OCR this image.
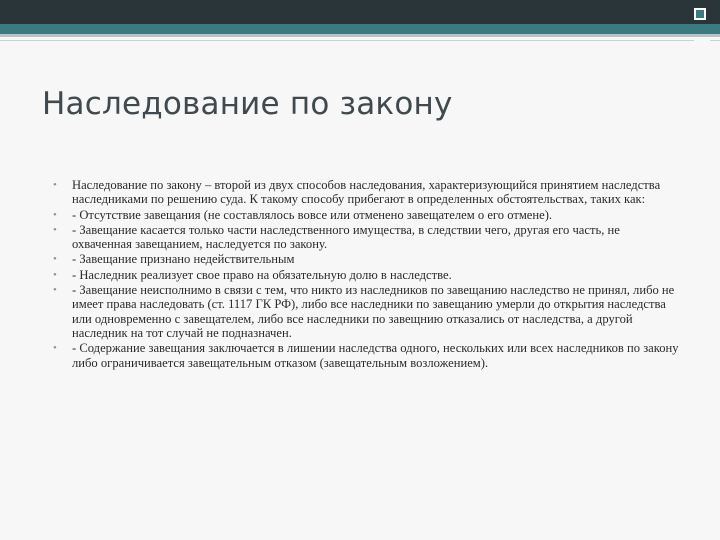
Наследование по закону
• Наследование по закону – второй из двух способов наследования, характеризующийся принятием наследства наследниками по решению суда. К такому способу прибегают в определенных обстоятельствах, таких как:
• - Отсутствие завещания (не составлялось вовсе или отменено завещателем о его отмене).
• - Завещание касается только части наследственного имущества, в следствии чего, другая его часть, не охваченная завещанием, наследуется по закону.
• - Завещание признано недействительным
• - Наследник реализует свое право на обязательную долю в наследстве.
• - Завещание неисполнимо в связи с тем, что никто из наследников по завещанию наследство не принял, либо не имеет права наследовать (ст. 1117 ГК РФ), либо все наследники по завещанию умерли до открытия наследства или одновременно с завещателем, либо все наследники по завещнию отказались от наследства, а другой наследник на тот случай не подназначен.
• - Содержание завещания заключается в лишении наследства одного, нескольких или всех наследников по закону либо ограничивается завещательным отказом (завещательным возложением).
